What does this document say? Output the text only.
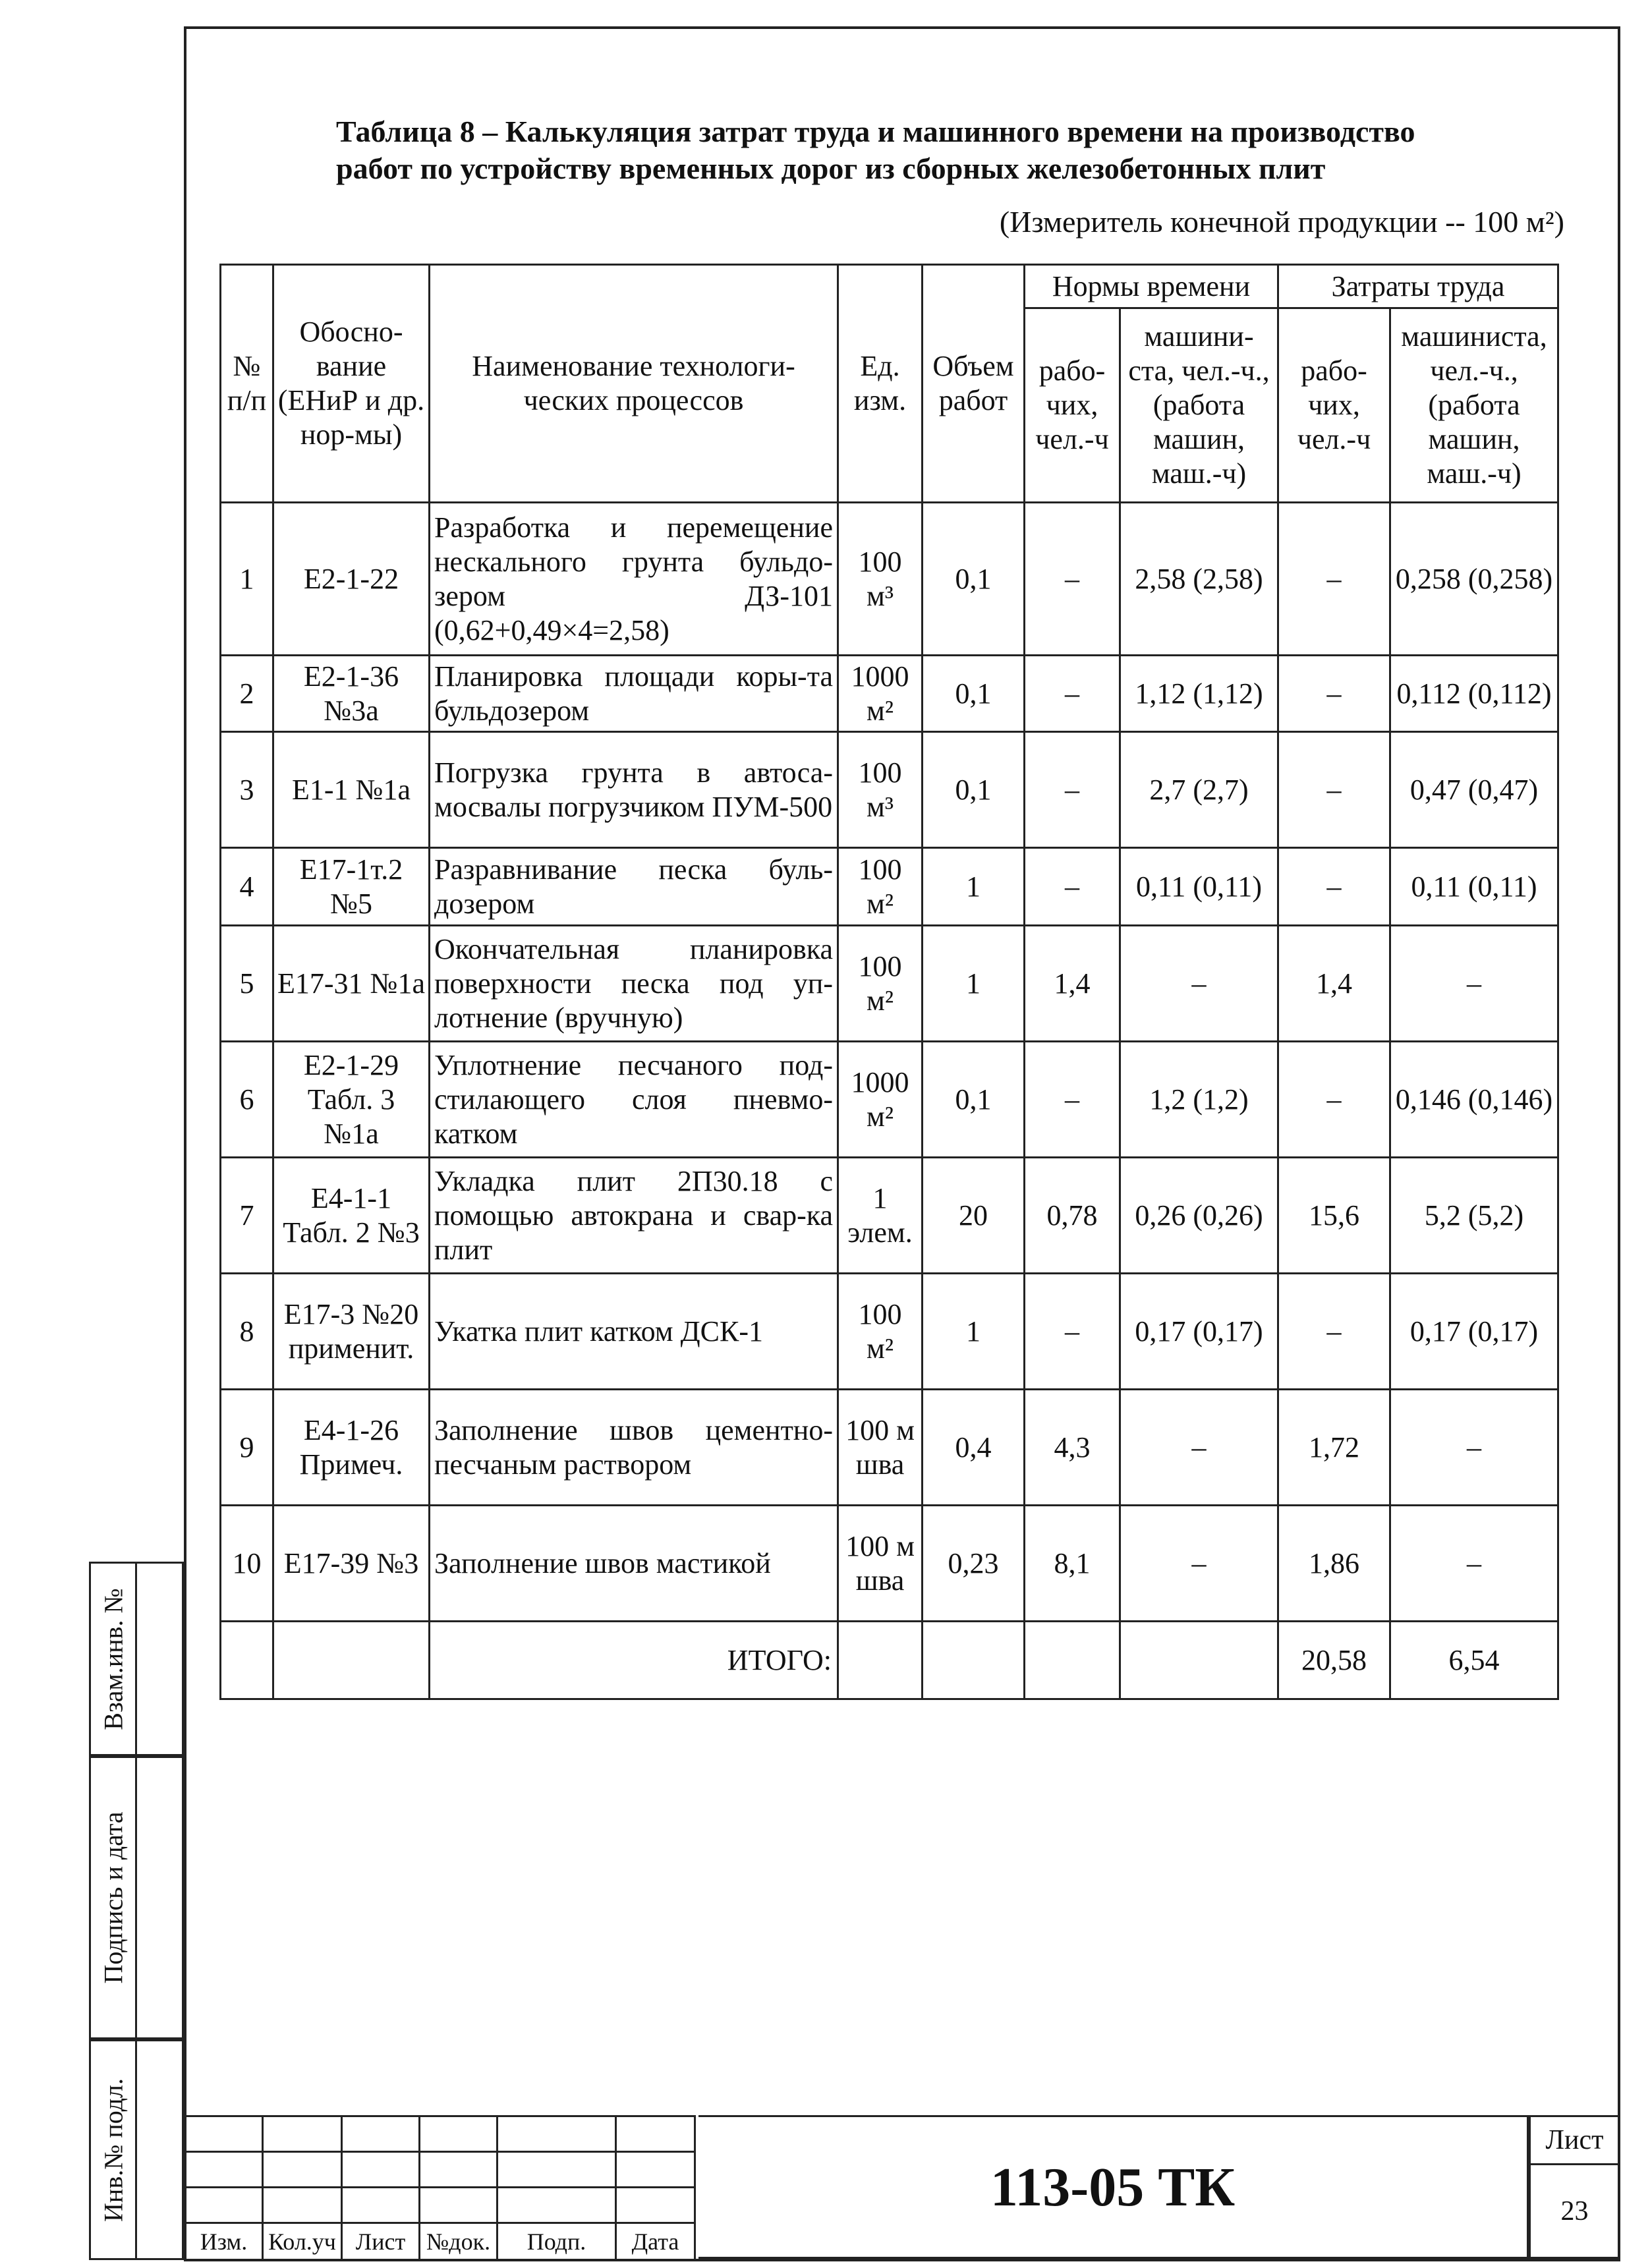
Таблица 8 – Калькуляция затрат труда и машинного времени на производство
работ по устройству временных дорог из сборных железобетонных плит
(Измеритель конечной продукции -- 100 м²)
№ п/п	Обосно-вание (ЕНиР и др. нор-мы)	Наименование технологи-ческих процессов	Ед. изм.	Объем работ	Нормы времени		Затраты труда	
					рабо-чих, чел.-ч	машини-ста, чел.-ч., (работа машин, маш.-ч)	рабо-чих, чел.-ч	машиниста, чел.-ч., (работа машин, маш.-ч)
1	Е2-1-22	Разработка и перемещение нескального грунта бульдо-зером ДЗ-101 (0,62+0,49×4=2,58)	100 м³	0,1	–	2,58 (2,58)	–	0,258 (0,258)
2	Е2-1-36 №3а	Планировка площади коры-та бульдозером	1000 м²	0,1	–	1,12 (1,12)	–	0,112 (0,112)
3	Е1-1 №1а	Погрузка грунта в автоса-мосвалы погрузчиком ПУМ-500	100 м³	0,1	–	2,7 (2,7)	–	0,47 (0,47)
4	Е17-1т.2 №5	Разравнивание песка буль-дозером	100 м²	1	–	0,11 (0,11)	–	0,11 (0,11)
5	Е17-31 №1а	Окончательная планировка поверхности песка под уп-лотнение (вручную)	100 м²	1	1,4	–	1,4	–
6	Е2-1-29 Табл. 3 №1а	Уплотнение песчаного под-стилающего слоя пневмо-катком	1000 м²	0,1	–	1,2 (1,2)	–	0,146 (0,146)
7	Е4-1-1 Табл. 2 №3	Укладка плит 2П30.18 с помощью автокрана и свар-ка плит	1 элем.	20	0,78	0,26 (0,26)	15,6	5,2 (5,2)
8	Е17-3 №20 применит.	Укатка плит катком ДСК-1	100 м²	1	–	0,17 (0,17)	–	0,17 (0,17)
9	Е4-1-26 Примеч.	Заполнение швов цементно-песчаным раствором	100 м шва	0,4	4,3	–	1,72	–
10	Е17-39 №3	Заполнение швов мастикой	100 м шва	0,23	8,1	–	1,86	–
		ИТОГО:					20,58	6,54
Взам.инв. №
Подпись и дата
Инв.№ подл.

Изм.	Кол.уч	Лист	№док.	Подп.	Дата
113-05 ТК
Лист
23
